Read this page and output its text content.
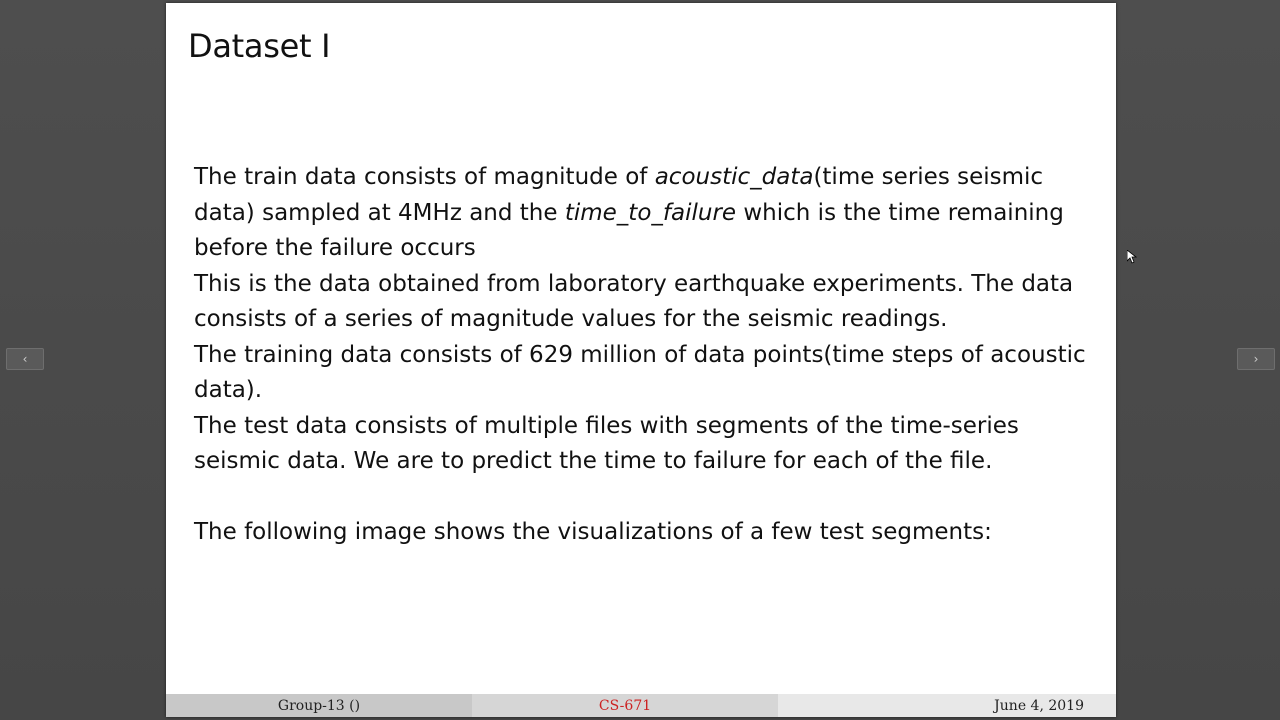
‹	›
Dataset I

The train data consists of magnitude of acoustic_data(time series seismic data) sampled at 4MHz and the time_to_failure which is the time remaining before the failure occurs

This is the data obtained from laboratory earthquake experiments. The data consists of a series of magnitude values for the seismic readings.

The training data consists of 629 million of data points(time steps of acoustic data).

The test data consists of multiple files with segments of the time-series seismic data. We are to predict the time to failure for each of the file.

The following image shows the visualizations of a few test segments:

Group-13 ()	CS-671	June 4, 2019
